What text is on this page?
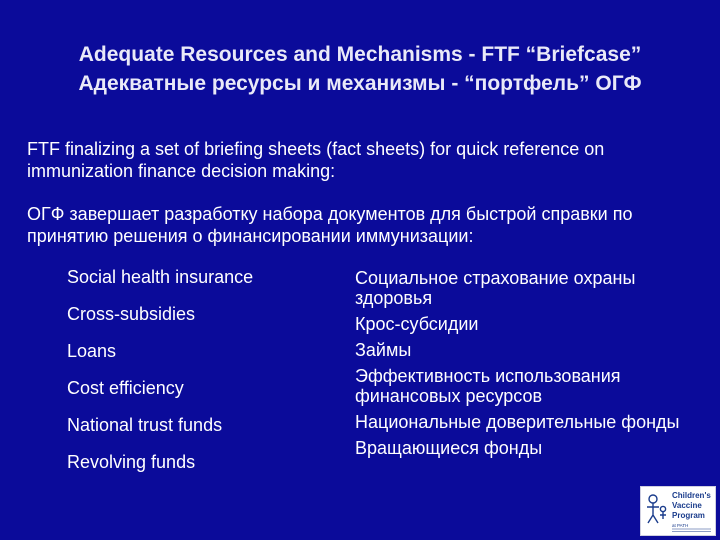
Adequate Resources and Mechanisms - FTF “Briefcase”
Адекватные ресурсы и механизмы - “портфель” ОГФ
FTF finalizing a set of briefing sheets (fact sheets) for quick reference on immunization finance decision making:
ОГФ завершает разработку набора документов для быстрой справки по принятию решения о финансировании иммунизации:
Social health insurance
Cross-subsidies
Loans
Cost efficiency
National trust funds
Revolving funds
Социальное страхование охраны здоровья
Крос-субсидии
Займы
Эффективность использования финансовых ресурсов
Национальные доверительные фонды
Вращающиеся фонды
Children's
Vaccine
Program
at PATH
